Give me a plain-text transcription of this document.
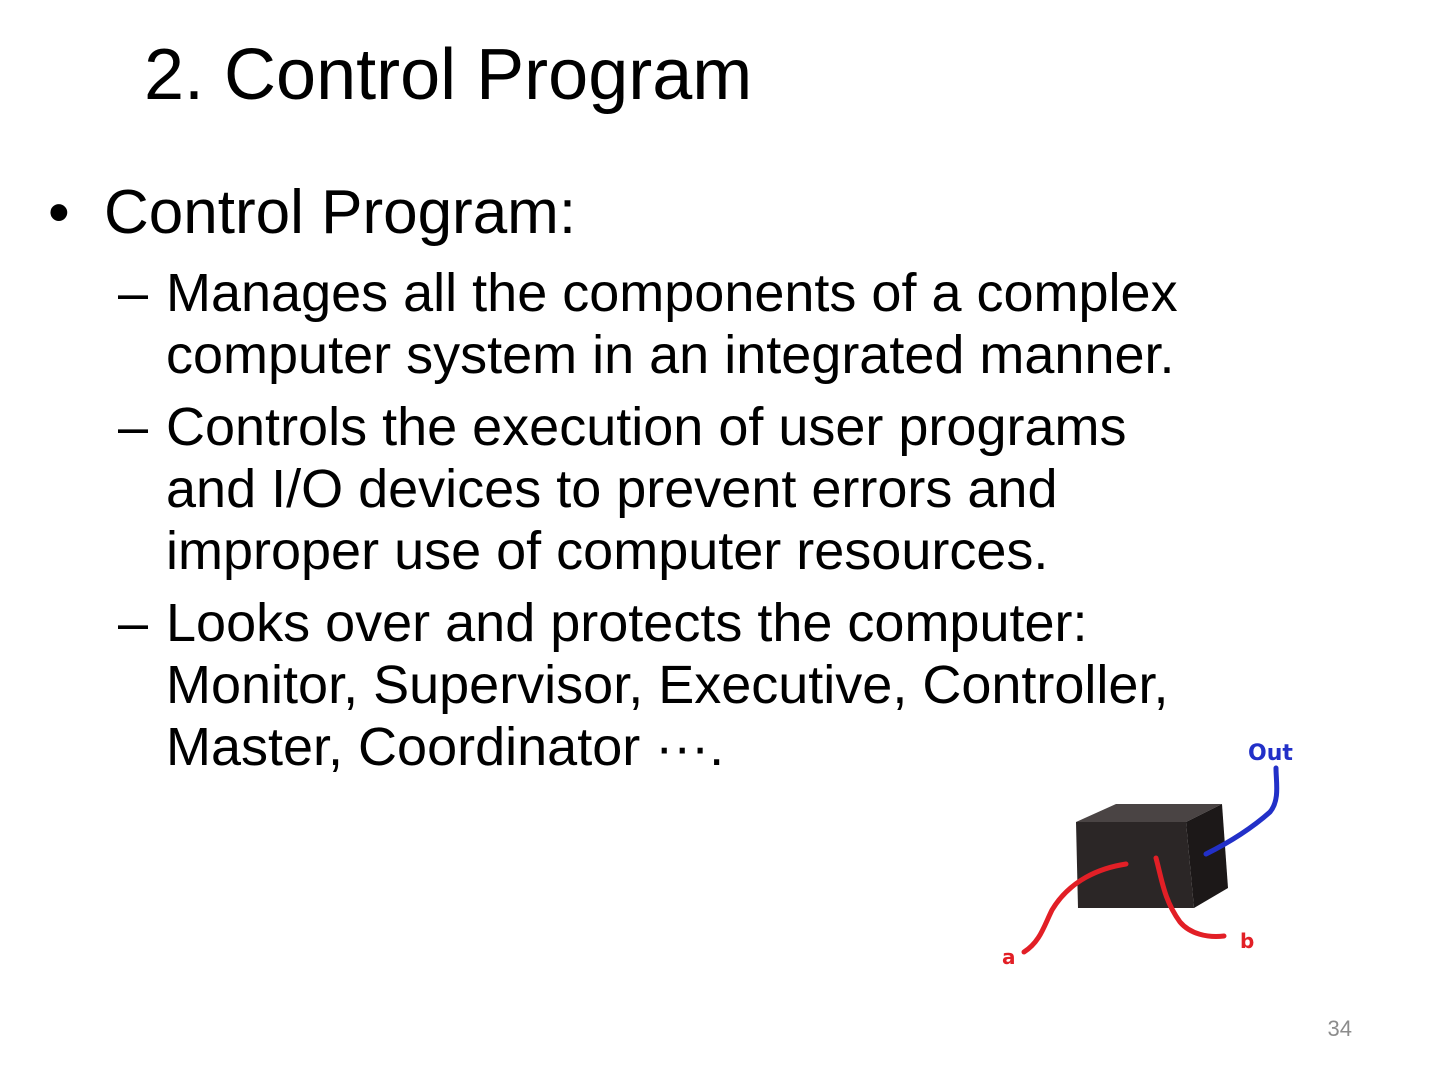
2. Control Program
• Control Program:
– Manages all the components of a complex
computer system in an integrated manner.
– Controls the execution of user programs
and I/O devices to prevent errors and
improper use of computer resources.
– Looks over and protects the computer:
Monitor, Supervisor, Executive, Controller,
Master, Coordinator ···.	Out
a
b
34
